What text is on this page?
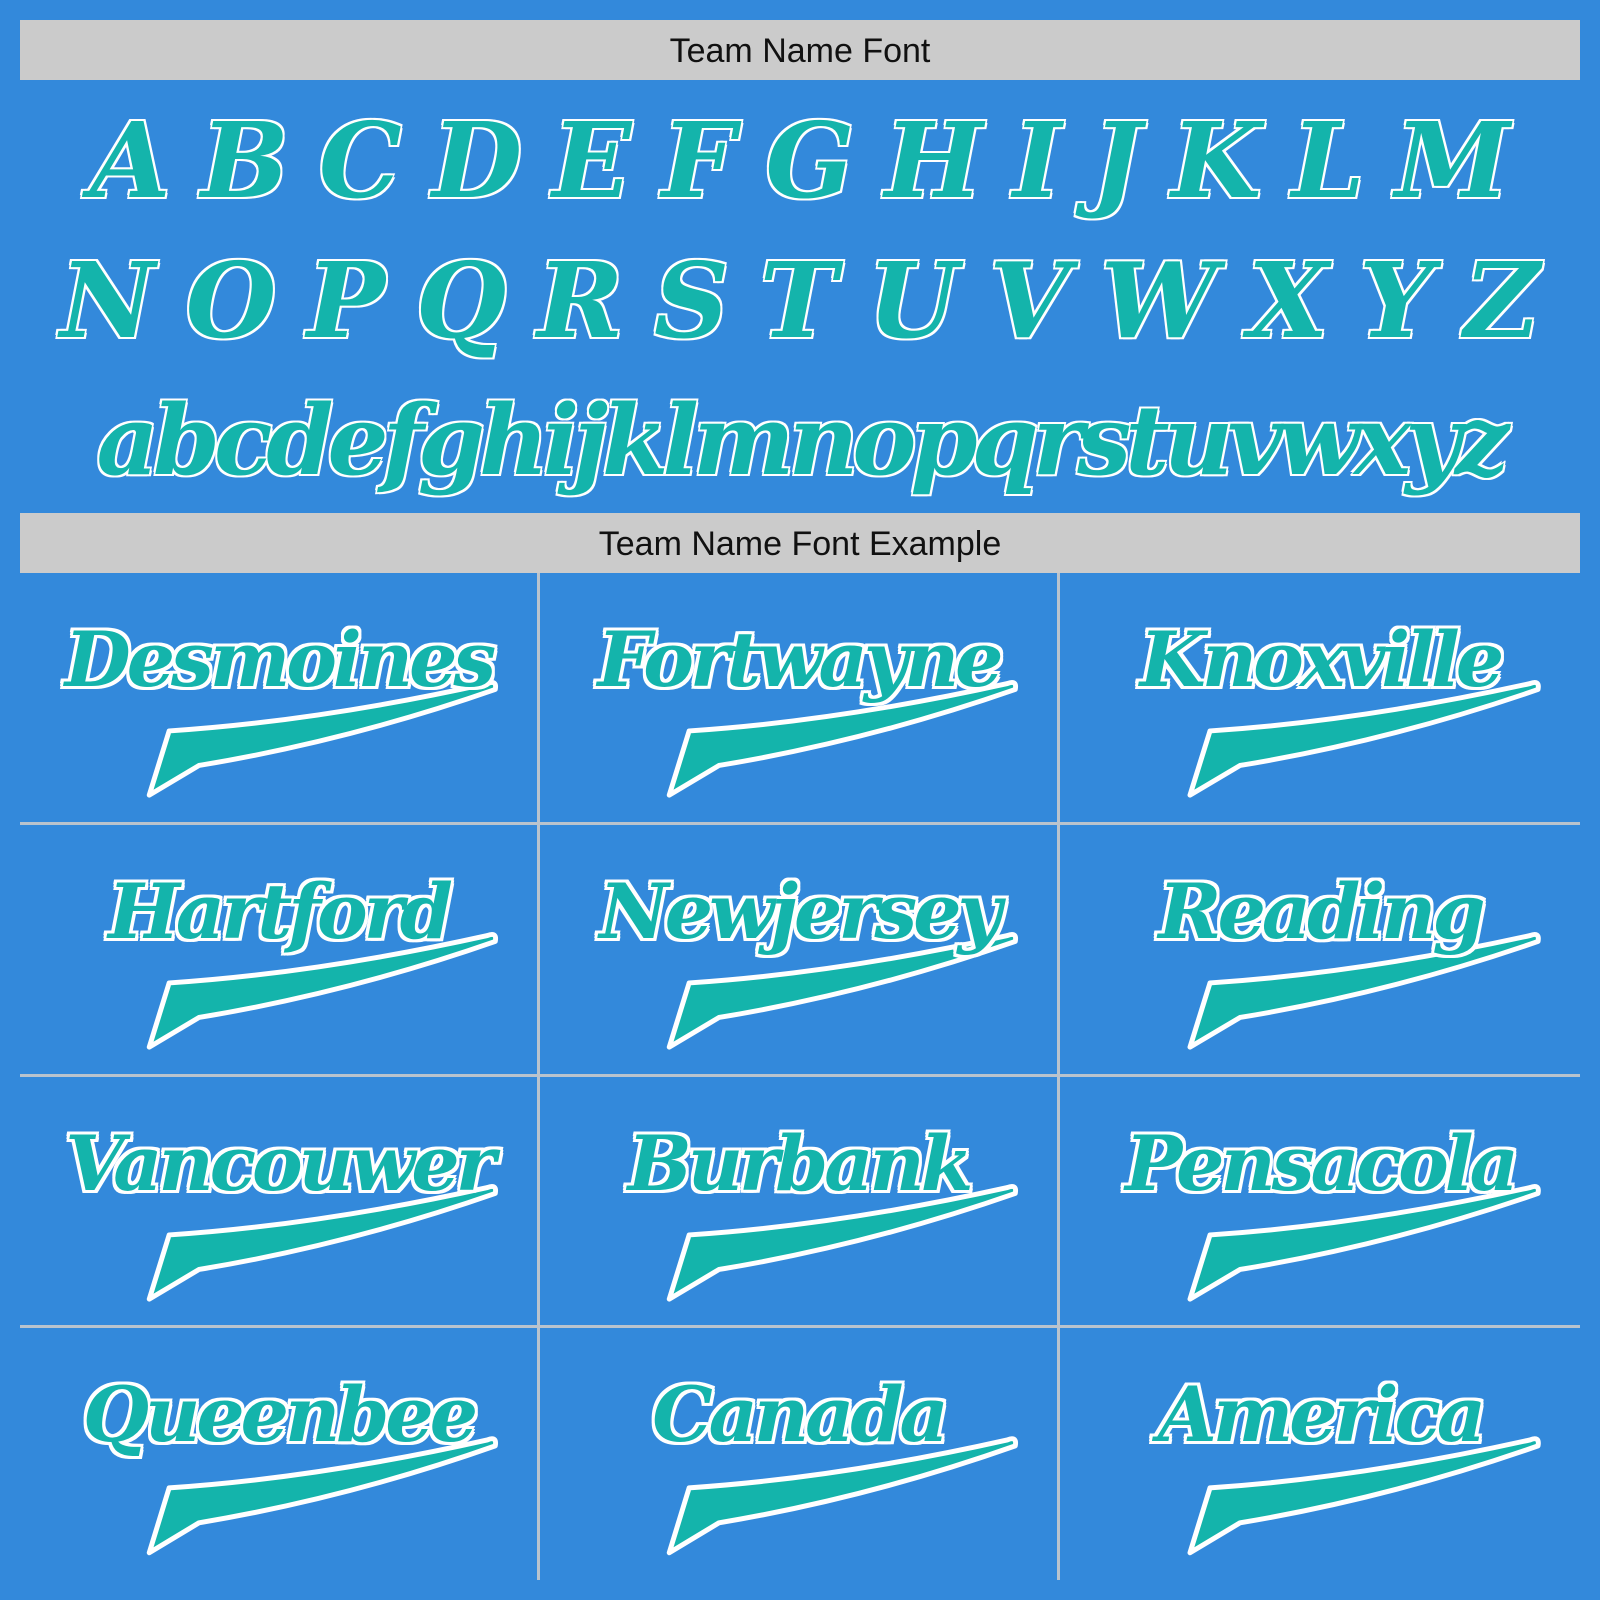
Team Name Font
A B C D E F G H I J K L M
N O P Q R S T U V W X Y Z
abcdefghijklmnopqrstuvwxyz
Team Name Font Example
Desmoines	Fortwayne	Knoxville
Hartford	Newjersey	Reading
Vancouwer	Burbank	Pensacola
Queenbee	Canada	America
